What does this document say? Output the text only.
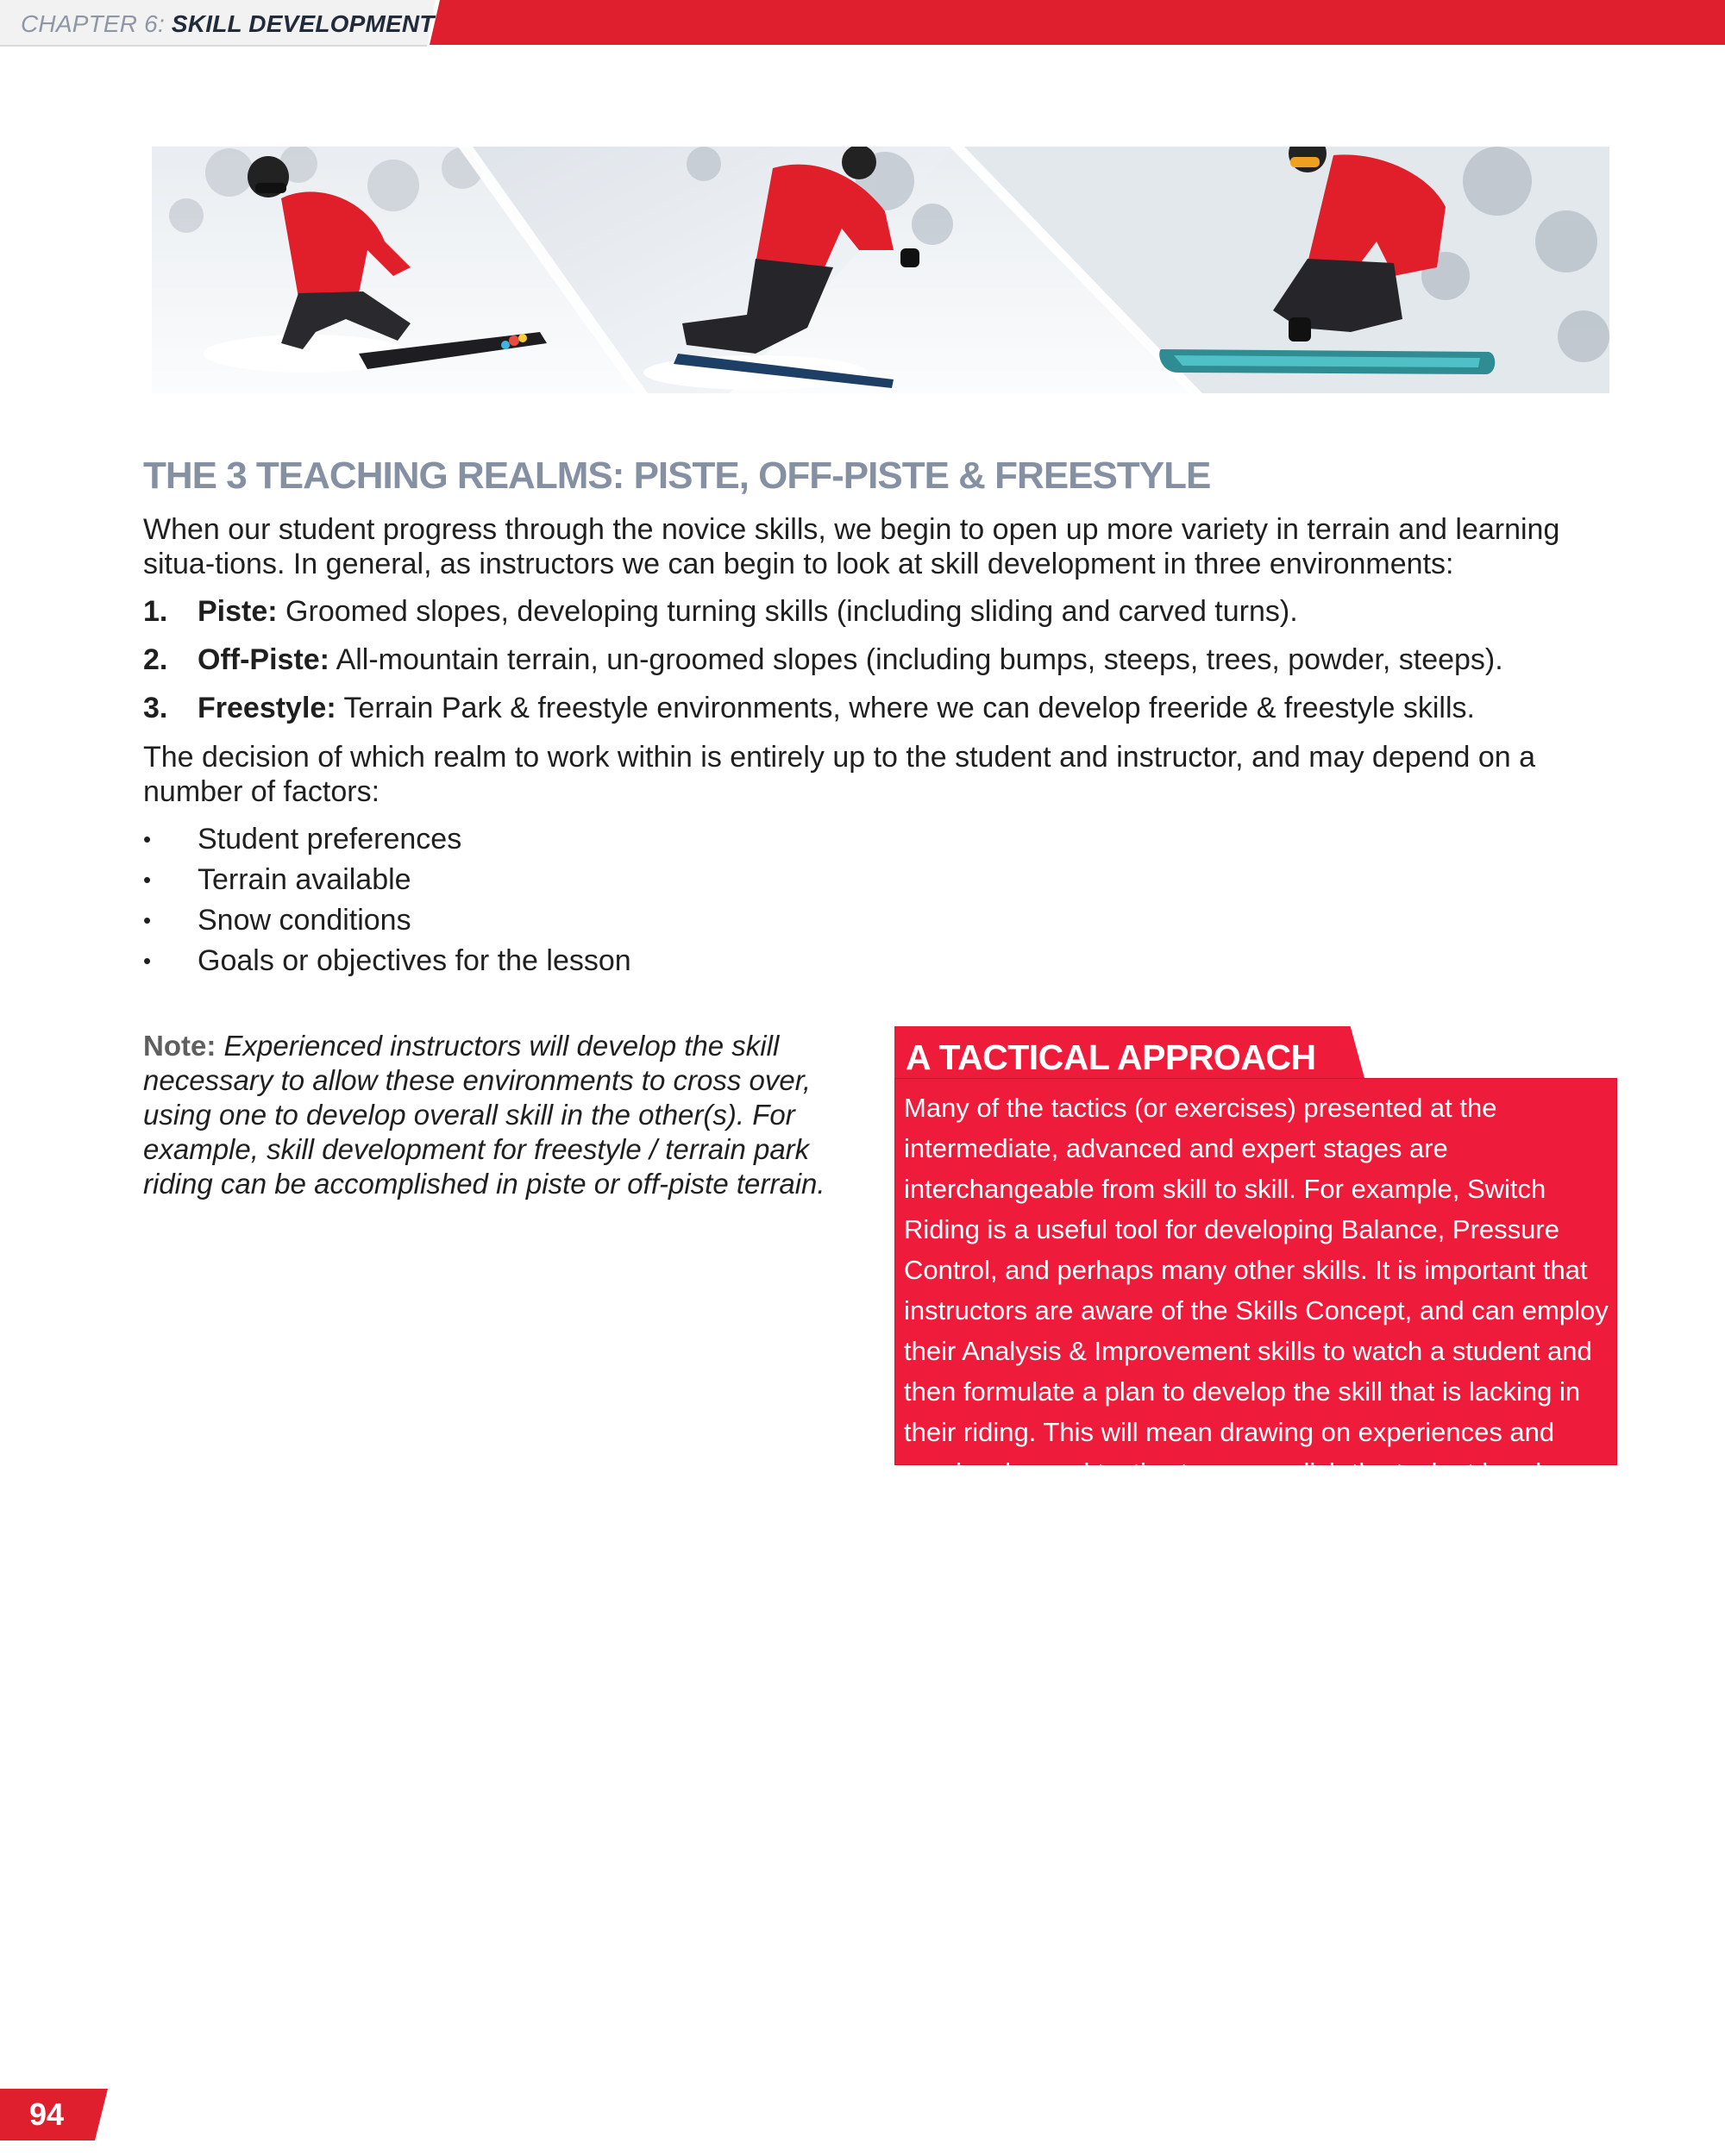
CHAPTER 6: SKILL DEVELOPMENT
THE 3 TEACHING REALMS: PISTE, OFF-PISTE & FREESTYLE

When our student progress through the novice skills, we begin to open up more variety in terrain and learning situa-tions. In general, as instructors we can begin to look at skill development in three environments:

1. Piste: Groomed slopes, developing turning skills (including sliding and carved turns).
2. Off-Piste: All-mountain terrain, un-groomed slopes (including bumps, steeps, trees, powder, steeps).
3. Freestyle: Terrain Park & freestyle environments, where we can develop freeride & freestyle skills.

The decision of which realm to work within is entirely up to the student and instructor, and may depend on a number of factors:

• Student preferences
• Terrain available
• Snow conditions
• Goals or objectives for the lesson

Note: Experienced instructors will develop the skill necessary to allow these environments to cross over, using one to develop overall skill in the other(s). For example, skill development for freestyle / terrain park riding can be accomplished in piste or off-piste terrain.

A TACTICAL APPROACH

Many of the tactics (or exercises) presented at the intermediate, advanced and expert stages are interchangeable from skill to skill. For example, Switch Riding is a useful tool for developing Balance, Pressure Control, and perhaps many other skills. It is important that instructors are aware of the Skills Concept, and can employ their Analysis & Improvement skills to watch a student and then formulate a plan to develop the skill that is lacking in their riding. This will mean drawing on experiences and previously used tactics to accomplish the task at hand.

94
